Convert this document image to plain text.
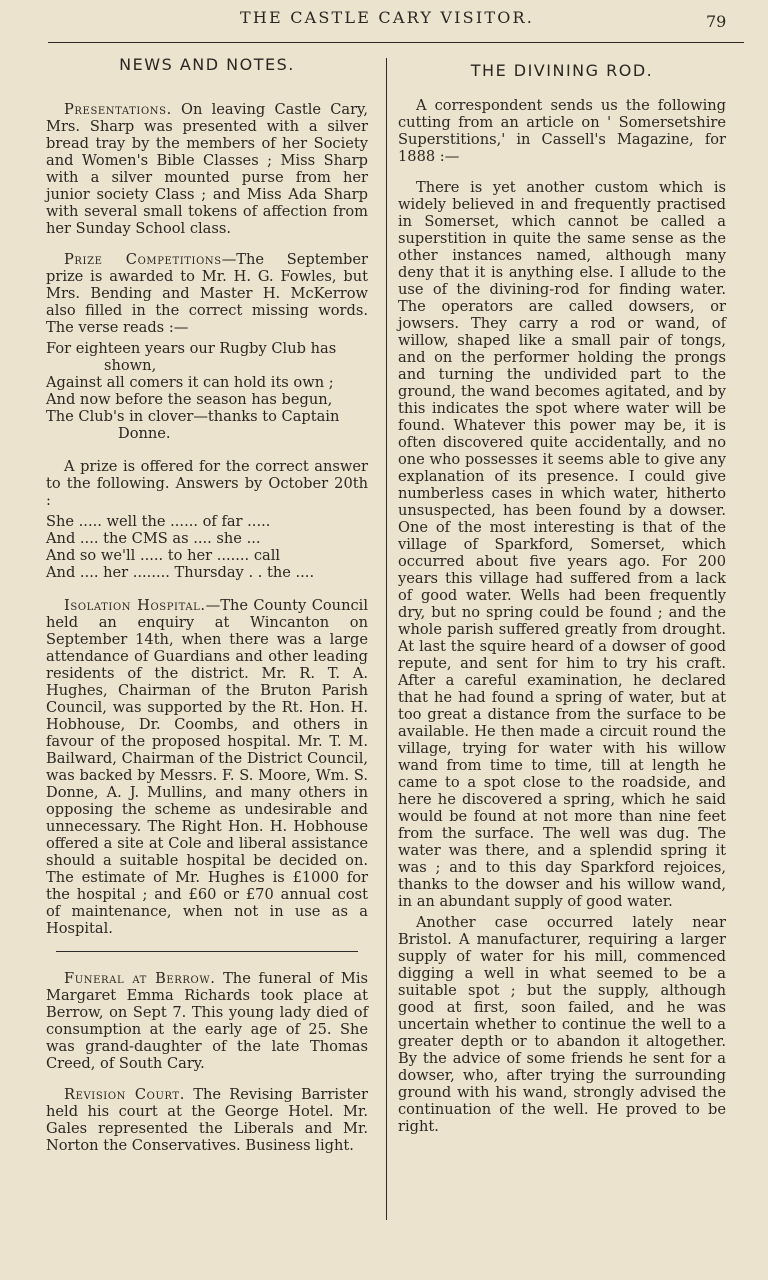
THE CASTLE CARY VISITOR.	79
NEWS AND NOTES.

Presentations. On leaving Castle Cary, Mrs. Sharp was presented with a silver bread tray by the members of her Society and Women's Bible Classes ; Miss Sharp with a silver mounted purse from her junior society Class ; and Miss Ada Sharp with several small tokens of affection from her Sunday School class.

Prize Competitions—The September prize is awarded to Mr. H. G. Fowles, but Mrs. Bending and Master H. McKerrow also filled in the correct missing words. The verse reads :—

For eighteen years our Rugby Club has
shown,
Against all comers it can hold its own ;
And now before the season has begun,
The Club's in clover—thanks to Captain
Donne.

A prize is offered for the correct answer to the following. Answers by October 20th :

She ..... well the ...... of far .....
And .... the CMS as .... she ...
And so we'll ..... to her ....... call
And .... her ........ Thursday . . the ....

Isolation Hospital.—The County Council held an enquiry at Wincanton on September 14th, when there was a large attendance of Guardians and other leading residents of the district. Mr. R. T. A. Hughes, Chairman of the Bruton Parish Council, was supported by the Rt. Hon. H. Hobhouse, Dr. Coombs, and others in favour of the proposed hospital. Mr. T. M. Bailward, Chairman of the District Council, was backed by Messrs. F. S. Moore, Wm. S. Donne, A. J. Mullins, and many others in opposing the scheme as undesirable and unnecessary. The Right Hon. H. Hobhouse offered a site at Cole and liberal assistance should a suitable hospital be decided on. The estimate of Mr. Hughes is £1000 for the hospital ; and £60 or £70 annual cost of maintenance, when not in use as a Hospital.

Funeral at Berrow. The funeral of Mis Margaret Emma Richards took place at Berrow, on Sept 7. This young lady died of consumption at the early age of 25. She was grand-daughter of the late Thomas Creed, of South Cary.

Revision Court. The Revising Barrister held his court at the George Hotel. Mr. Gales represented the Liberals and Mr. Norton the Conservatives. Business light.

THE DIVINING ROD.

A correspondent sends us the following cutting from an article on ' Somersetshire Superstitions,' in Cassell's Magazine, for 1888 :—

There is yet another custom which is widely believed in and frequently practised in Somerset, which cannot be called a superstition in quite the same sense as the other instances named, although many deny that it is anything else. I allude to the use of the divining-rod for finding water. The operators are called dowsers, or jowsers. They carry a rod or wand, of willow, shaped like a small pair of tongs, and on the performer holding the prongs and turning the undivided part to the ground, the wand becomes agitated, and by this indicates the spot where water will be found. Whatever this power may be, it is often discovered quite accidentally, and no one who possesses it seems able to give any explanation of its presence. I could give numberless cases in which water, hitherto unsuspected, has been found by a dowser. One of the most interesting is that of the village of Sparkford, Somerset, which occurred about five years ago. For 200 years this village had suffered from a lack of good water. Wells had been frequently dry, but no spring could be found ; and the whole parish suffered greatly from drought. At last the squire heard of a dowser of good repute, and sent for him to try his craft. After a careful examination, he declared that he had found a spring of water, but at too great a distance from the surface to be available. He then made a circuit round the village, trying for water with his willow wand from time to time, till at length he came to a spot close to the roadside, and here he discovered a spring, which he said would be found at not more than nine feet from the surface. The well was dug. The water was there, and a splendid spring it was ; and to this day Sparkford rejoices, thanks to the dowser and his willow wand, in an abundant supply of good water.

Another case occurred lately near Bristol. A manufacturer, requiring a larger supply of water for his mill, commenced digging a well in what seemed to be a suitable spot ; but the supply, although good at first, soon failed, and he was uncertain whether to continue the well to a greater depth or to abandon it altogether. By the advice of some friends he sent for a dowser, who, after trying the surrounding ground with his wand, strongly advised the continuation of the well. He proved to be right.
